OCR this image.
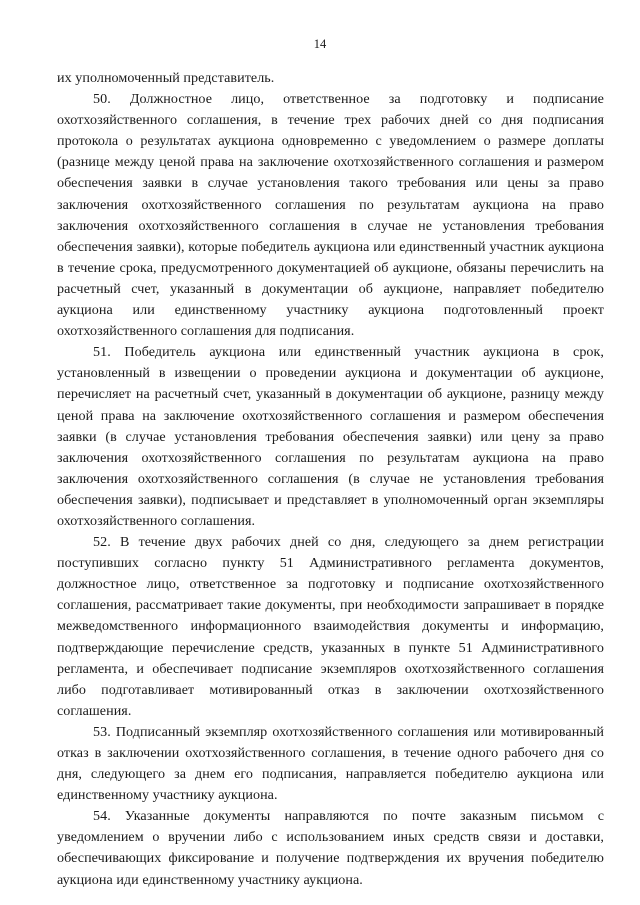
14

их уполномоченный представитель.

50. Должностное лицо, ответственное за подготовку и подписание охотхозяйственного соглашения, в течение трех рабочих дней со дня подписания протокола о результатах аукциона одновременно с уведомлением о размере доплаты (разнице между ценой права на заключение охотхозяйственного соглашения и размером обеспечения заявки в случае установления такого требования или цены за право заключения охотхозяйственного соглашения по результатам аукциона на право заключения охотхозяйственного соглашения в случае не установления требования обеспечения заявки), которые победитель аукциона или единственный участник аукциона в течение срока, предусмотренного документацией об аукционе, обязаны перечислить на расчетный счет, указанный в документации об аукционе, направляет победителю аукциона или единственному участнику аукциона подготовленный проект охотхозяйственного соглашения для подписания.

51. Победитель аукциона или единственный участник аукциона в срок, установленный в извещении о проведении аукциона и документации об аукционе, перечисляет на расчетный счет, указанный в документации об аукционе, разницу между ценой права на заключение охотхозяйственного соглашения и размером обеспечения заявки (в случае установления требования обеспечения заявки) или цену за право заключения охотхозяйственного соглашения по результатам аукциона на право заключения охотхозяйственного соглашения (в случае не установления требования обеспечения заявки), подписывает и представляет в уполномоченный орган экземпляры охотхозяйственного соглашения.

52. В течение двух рабочих дней со дня, следующего за днем регистрации поступивших согласно пункту 51 Административного регламента документов, должностное лицо, ответственное за подготовку и подписание охотхозяйственного соглашения, рассматривает такие документы, при необходимости запрашивает в порядке межведомственного информационного взаимодействия документы и информацию, подтверждающие перечисление средств, указанных в пункте 51 Административного регламента, и обеспечивает подписание экземпляров охотхозяйственного соглашения либо подготавливает мотивированный отказ в заключении охотхозяйственного соглашения.

53. Подписанный экземпляр охотхозяйственного соглашения или мотивированный отказ в заключении охотхозяйственного соглашения, в течение одного рабочего дня со дня, следующего за днем его подписания, направляется победителю аукциона или единственному участнику аукциона.

54. Указанные документы направляются по почте заказным письмом с уведомлением о вручении либо с использованием иных средств связи и доставки, обеспечивающих фиксирование и получение подтверждения их вручения победителю аукциона иди единственному участнику аукциона.
